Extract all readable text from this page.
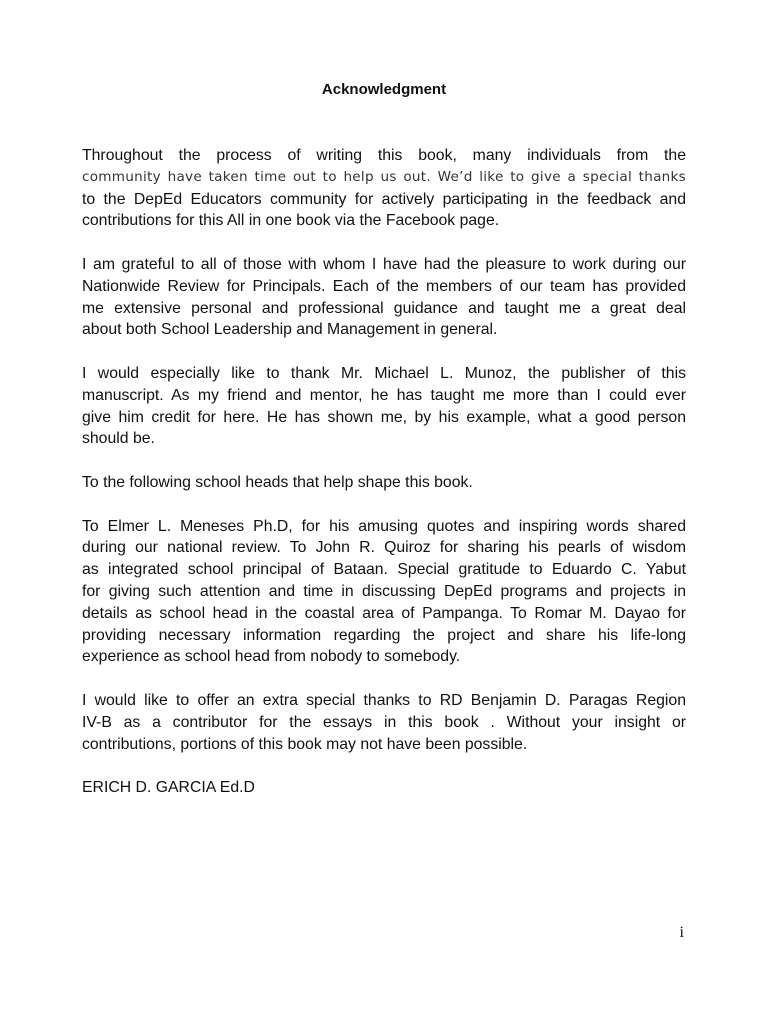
Acknowledgment

Throughout the process of writing this book, many individuals from the
community have taken time out to help us out. We’d like to give a special thanks
to the DepEd Educators community for actively participating in the feedback and
contributions for this All in one book via the Facebook page.

I am grateful to all of those with whom I have had the pleasure to work during our
Nationwide Review for Principals. Each of the members of our team has provided
me extensive personal and professional guidance and taught me a great deal
about both School Leadership and Management in general.

I would especially like to thank Mr. Michael L. Munoz, the publisher of this
manuscript. As my friend and mentor, he has taught me more than I could ever
give him credit for here. He has shown me, by his example, what a good person
should be.

To the following school heads that help shape this book.

To Elmer L. Meneses Ph.D, for his amusing quotes and inspiring words shared
during our national review. To John R. Quiroz for sharing his pearls of wisdom
as integrated school principal of Bataan. Special gratitude to Eduardo C. Yabut
for giving such attention and time in discussing DepEd programs and projects in
details as school head in the coastal area of Pampanga. To Romar M. Dayao for
providing necessary information regarding the project and share his life-long
experience as school head from nobody to somebody.

I would like to offer an extra special thanks to RD Benjamin D. Paragas Region
IV-B as a contributor for the essays in this book . Without your insight or
contributions, portions of this book may not have been possible.

ERICH D. GARCIA Ed.D

i
